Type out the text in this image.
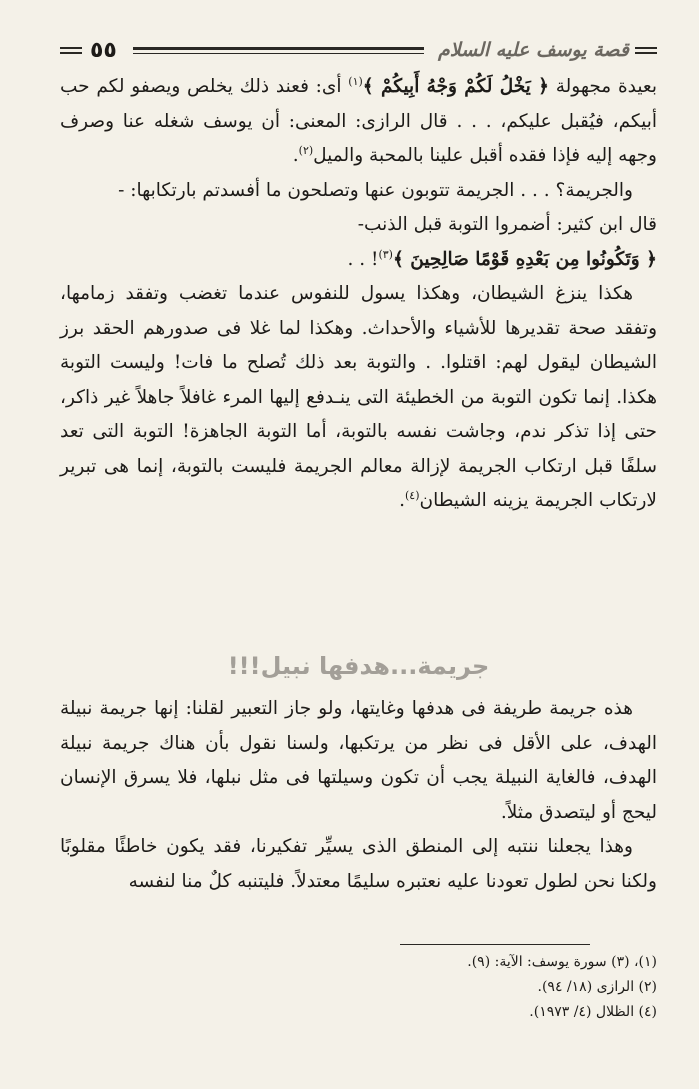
٥٥	قصة يوسف عليه السلام

بعيدة مجهولة ﴿ يَخْلُ لَكُمْ وَجْهُ أَبِيكُمْ ﴾$^{(١)}$ أى: فعند ذلك يخلص ويصفو لكم حب أبيكم، فيُقبل عليكم، . . . قال الرازى: المعنى: أن يوسف شغله عنا وصرف وجهه إليه فإذا فقده أقبل علينا بالمحبة والميل$^{(٢)}$.

والجريمة؟ . . . الجريمة تتوبون عنها وتصلحون ما أفسدتم بارتكابها: -

قال ابن كثير: أضمروا التوبة قبل الذنب-

﴿ وَتَكُونُوا مِن بَعْدِهِ قَوْمًا صَالِحِينَ ﴾$^{(٣)}$! . .

هكذا ينزغ الشيطان، وهكذا يسول للنفوس عندما تغضب وتفقد زمامها، وتفقد صحة تقديرها للأشياء والأحداث. وهكذا لما غلا فى صدورهم الحقد برز الشيطان ليقول لهم: اقتلوا. . والتوبة بعد ذلك تُصلح ما فات! وليست التوبة هكذا. إنما تكون التوبة من الخطيئة التى ينـدفع إليها المرء غافلاً جاهلاً غير ذاكر، حتى إذا تذكر ندم، وجاشت نفسه بالتوبة، أما التوبة الجاهزة! التوبة التى تعد سلفًا قبل ارتكاب الجريمة لإزالة معالم الجريمة فليست بالتوبة، إنما هى تبرير لارتكاب الجريمة يزينه الشيطان$^{(٤)}$.

جريمة...هدفها نبيل!!!

هذه جريمة طريفة فى هدفها وغايتها، ولو جاز التعبير لقلنا: إنها جريمة نبيلة الهدف، على الأقل فى نظر من يرتكبها، ولسنا نقول بأن هناك جريمة نبيلة الهدف، فالغاية النبيلة يجب أن تكون وسيلتها فى مثل نبلها، فلا يسرق الإنسان ليحج أو ليتصدق مثلاً.

وهذا يجعلنا ننتبه إلى المنطق الذى يسيِّر تفكيرنا، فقد يكون خاطئًا مقلوبًا ولكنا نحن لطول تعودنا عليه نعتبره سليمًا معتدلاً. فليتنبه كلٌ منا لنفسه

(١)، (٣) سورة يوسف: الآية: (٩).
(٢) الرازى (١٨/ ٩٤).
(٤) الظلال (٤/ ١٩٧٣).
